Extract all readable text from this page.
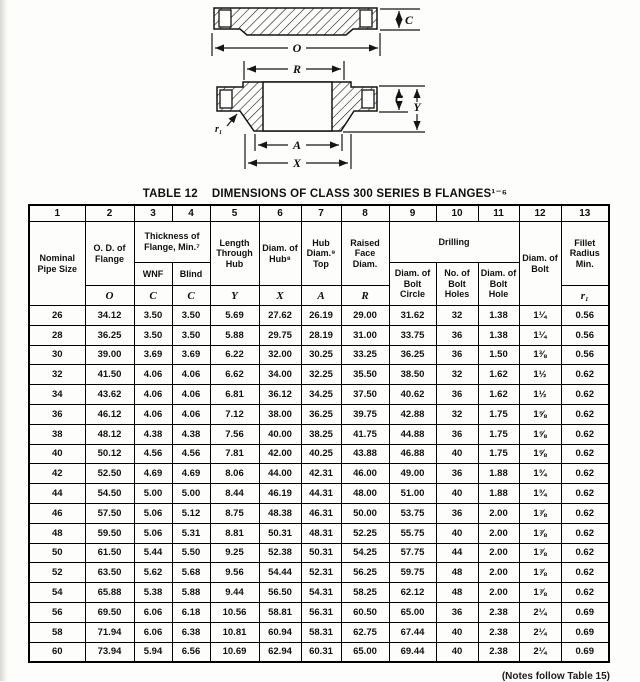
C
O
R
r₁
C
Y
A
X
TABLE 12 DIMENSIONS OF CLASS 300 SERIES B FLANGES¹⁻⁶
1	2	3	4	5	6	7	8	9	10	11	12	13
Nominal Pipe Size	O. D. of Flange	Thickness of Flange, Min.⁷		Length Through Hub	Diam. of Hub⁸	Hub Diam.⁹ Top	Raised Face Diam.	Drilling			Diam. of Bolt	Fillet Radius Min.
		WNF	Blind					Diam. of Bolt Circle	No. of Bolt Holes	Diam. of Bolt Hole		
	O	C	C	Y	X	A	R					r₁
26	34.12	3.50	3.50	5.69	27.62	26.19	29.00	31.62	32	1.38	1¼	0.56
28	36.25	3.50	3.50	5.88	29.75	28.19	31.00	33.75	36	1.38	1¼	0.56
30	39.00	3.69	3.69	6.22	32.00	30.25	33.25	36.25	36	1.50	1⅜	0.56
32	41.50	4.06	4.06	6.62	34.00	32.25	35.50	38.50	32	1.62	1½	0.62
34	43.62	4.06	4.06	6.81	36.12	34.25	37.50	40.62	36	1.62	1½	0.62
36	46.12	4.06	4.06	7.12	38.00	36.25	39.75	42.88	32	1.75	1⅝	0.62
38	48.12	4.38	4.38	7.56	40.00	38.25	41.75	44.88	36	1.75	1⅝	0.62
40	50.12	4.56	4.56	7.81	42.00	40.25	43.88	46.88	40	1.75	1⅝	0.62
42	52.50	4.69	4.69	8.06	44.00	42.31	46.00	49.00	36	1.88	1¾	0.62
44	54.50	5.00	5.00	8.44	46.19	44.31	48.00	51.00	40	1.88	1¾	0.62
46	57.50	5.06	5.12	8.75	48.38	46.31	50.00	53.75	36	2.00	1⅞	0.62
48	59.50	5.06	5.31	8.81	50.31	48.31	52.25	55.75	40	2.00	1⅞	0.62
50	61.50	5.44	5.50	9.25	52.38	50.31	54.25	57.75	44	2.00	1⅞	0.62
52	63.50	5.62	5.68	9.56	54.44	52.31	56.25	59.75	48	2.00	1⅞	0.62
54	65.88	5.38	5.88	9.44	56.50	54.31	58.25	62.12	48	2.00	1⅞	0.62
56	69.50	6.06	6.18	10.56	58.81	56.31	60.50	65.00	36	2.38	2¼	0.69
58	71.94	6.06	6.38	10.81	60.94	58.31	62.75	67.44	40	2.38	2¼	0.69
60	73.94	5.94	6.56	10.69	62.94	60.31	65.00	69.44	40	2.38	2¼	0.69
(Notes follow Table 15)
